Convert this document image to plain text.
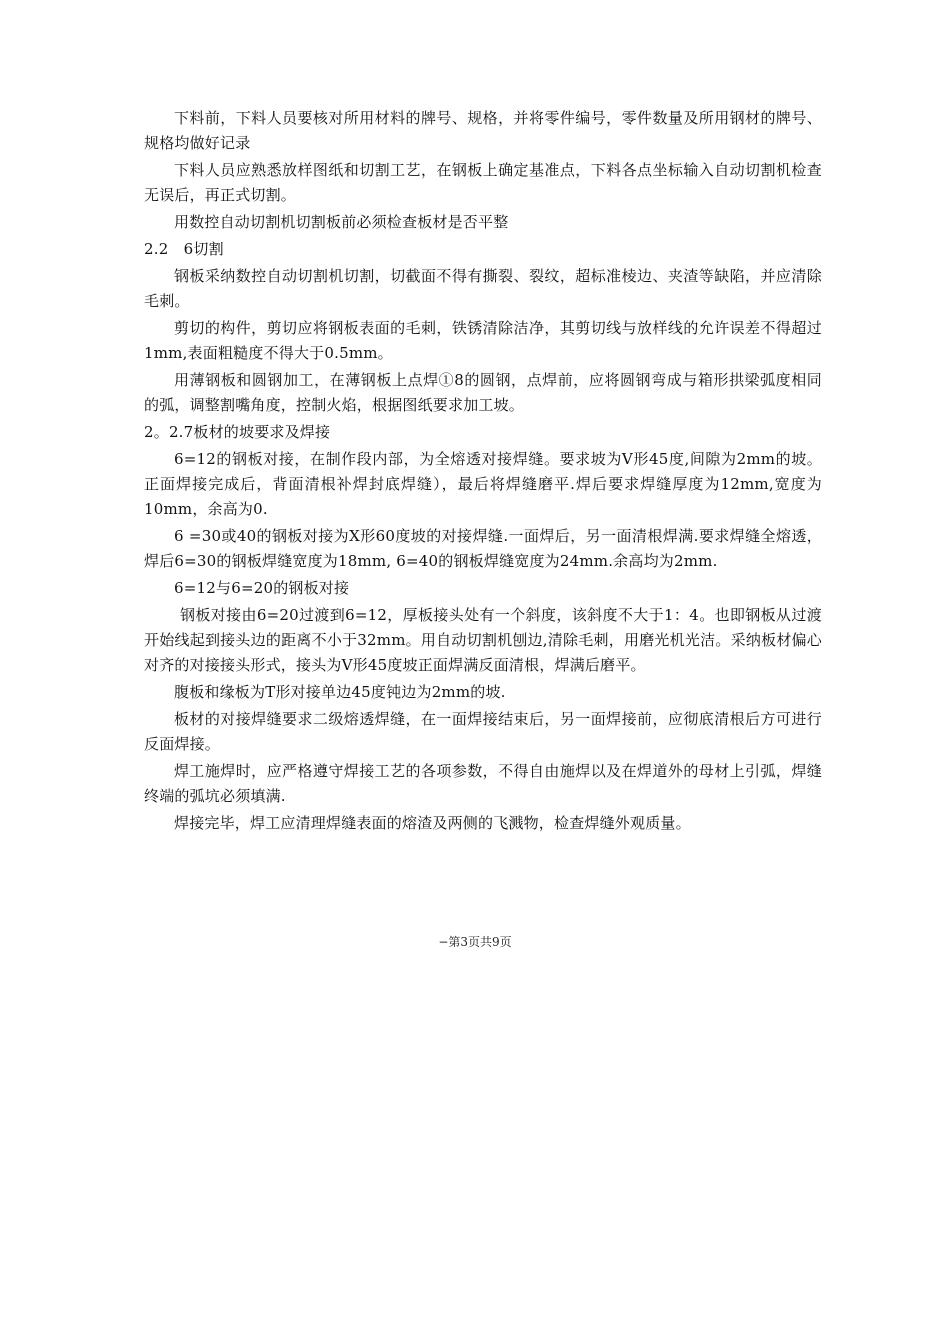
下料前，下料人员要核对所用材料的牌号、规格，并将零件编号，零件数量及所用钢材的牌号、规格均做好记录

下料人员应熟悉放样图纸和切割工艺，在钢板上确定基准点，下料各点坐标输入自动切割机检查无误后，再正式切割。

用数控自动切割机切割板前必须检查板材是否平整

2.2　6切割

钢板采纳数控自动切割机切割，切截面不得有撕裂、裂纹，超标准棱边、夹渣等缺陷，并应清除毛刺。

剪切的构件，剪切应将钢板表面的毛刺，铁锈清除洁净，其剪切线与放样线的允许误差不得超过1mm,表面粗糙度不得大于0.5mm。

用薄钢板和圆钢加工，在薄钢板上点焊①8的圆钢，点焊前，应将圆钢弯成与箱形拱梁弧度相同的弧，调整割嘴角度，控制火焰，根据图纸要求加工坡。

2。2.7板材的坡要求及焊接

6=12的钢板对接，在制作段内部，为全熔透对接焊缝。要求坡为V形45度,间隙为2mm的坡。正面焊接完成后，背面清根补焊封底焊缝），最后将焊缝磨平.焊后要求焊缝厚度为12mm,宽度为10mm，余高为0.

6 =30或40的钢板对接为X形60度坡的对接焊缝.一面焊后，另一面清根焊满.要求焊缝全熔透，焊后6=30的钢板焊缝宽度为18mm, 6=40的钢板焊缝宽度为24mm.余高均为2mm.

6=12与6=20的钢板对接

钢板对接由6=20过渡到6=12，厚板接头处有一个斜度，该斜度不大于1：4。也即钢板从过渡开始线起到接头边的距离不小于32mm。用自动切割机刨边,清除毛刺，用磨光机光洁。采纳板材偏心对齐的对接接头形式，接头为V形45度坡正面焊满反面清根，焊满后磨平。

腹板和缘板为T形对接单边45度钝边为2mm的坡.

板材的对接焊缝要求二级熔透焊缝，在一面焊接结束后，另一面焊接前，应彻底清根后方可进行反面焊接。

焊工施焊时，应严格遵守焊接工艺的各项参数，不得自由施焊以及在焊道外的母材上引弧，焊缝终端的弧坑必须填满.

焊接完毕，焊工应清理焊缝表面的熔渣及两侧的飞溅物，检查焊缝外观质量。

−第3页共9页
